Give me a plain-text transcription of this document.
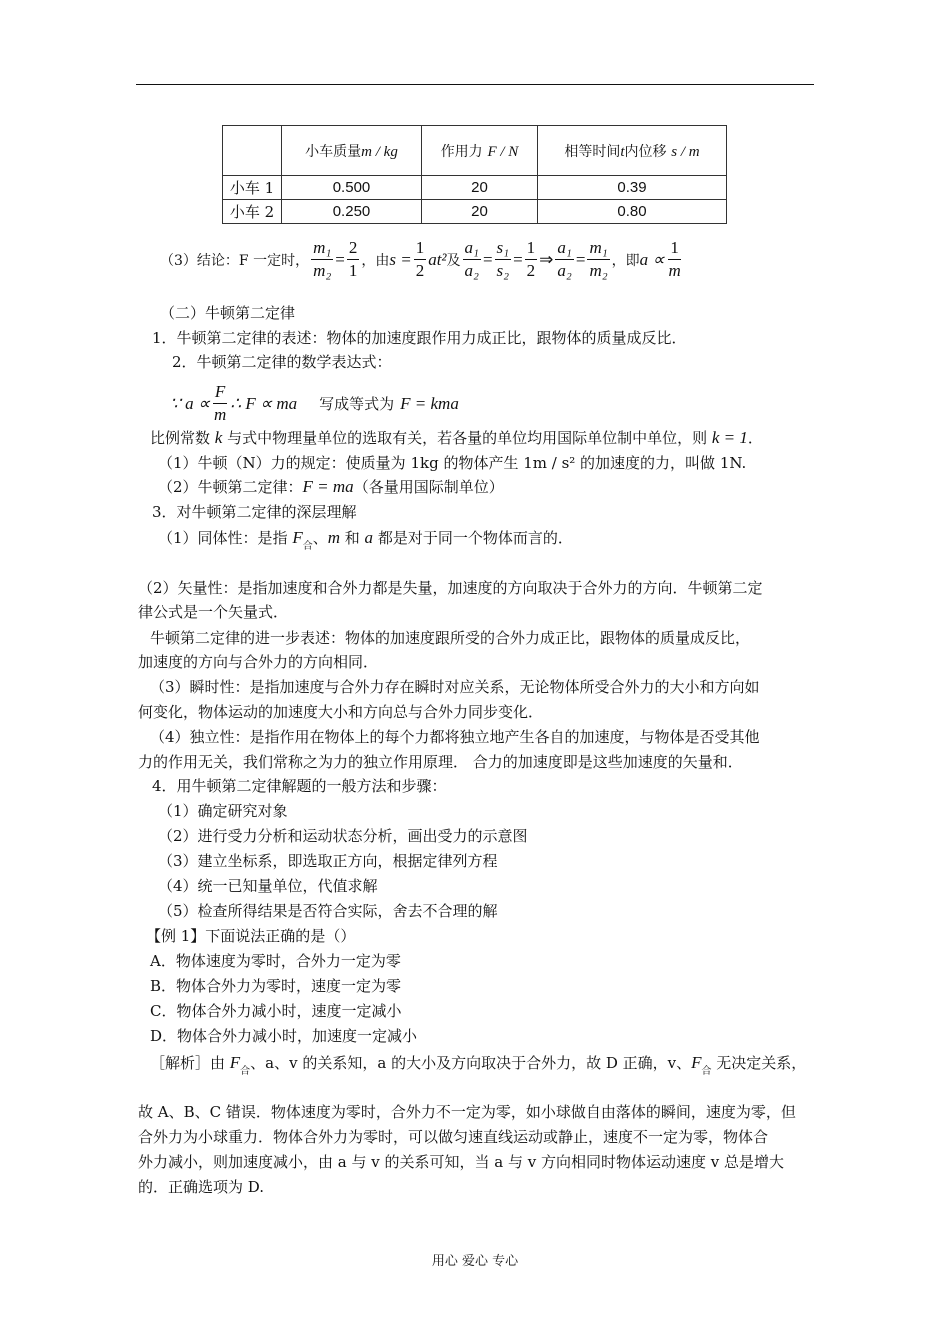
	小车质量m / kg	作用力 F / N	相等时间t内位移 s / m
小车 1	0.500	20	0.39
小车 2	0.250	20	0.80
（3）结论：F 一定时， $\frac{\text{m₁}}{\text{m₂}} = \frac{2}{1}$ ，由 $s = \frac{1}{2} at^2$ 及 $\frac{\text{a₁}}{\text{a₂}} = \frac{\text{s₁}}{\text{s₂}} = \frac{1}{2}$ ⇒ $\frac{\text{a₁}}{\text{a₂}} = \frac{\text{m₁}}{\text{m₂}}$ ，即 $a \propto \frac{1}{m}$
（二）牛顿第二定律
1．牛顿第二定律的表述：物体的加速度跟作用力成正比，跟物体的质量成反比．
2．牛顿第二定律的数学表达式：
∵ $a \propto \frac{F}{m}$ ∴ F ∝ ma 写成等式为 F = kma
比例常数 k 与式中物理量单位的选取有关，若各量的单位均用国际单位制中单位，则 k = 1．
（1）牛顿（N）力的规定：使质量为 1kg 的物体产生 1m / s² 的加速度的力，叫做 1N.
（2）牛顿第二定律：F = ma（各量用国际制单位）
3．对牛顿第二定律的深层理解
（1）同体性：是指 $F_合$、m 和 a 都是对于同一个物体而言的．
（2）矢量性：是指加速度和合外力都是失量，加速度的方向取决于合外力的方向．牛顿第二定
律公式是一个矢量式．
牛顿第二定律的进一步表述：物体的加速度跟所受的合外力成正比，跟物体的质量成反比，
加速度的方向与合外力的方向相同．
（3）瞬时性：是指加速度与合外力存在瞬时对应关系，无论物体所受合外力的大小和方向如
何变化，物体运动的加速度大小和方向总与合外力同步变化．
（4）独立性：是指作用在物体上的每个力都将独立地产生各自的加速度，与物体是否受其他
力的作用无关，我们常称之为力的独立作用原理． 合力的加速度即是这些加速度的矢量和．
4．用牛顿第二定律解题的一般方法和步骤：
（1）确定研究对象
（2）进行受力分析和运动状态分析，画出受力的示意图
（3）建立坐标系，即选取正方向，根据定律列方程
（4）统一已知量单位，代值求解
（5）检查所得结果是否符合实际，舍去不合理的解
【例 1】下面说法正确的是（）
A．物体速度为零时，合外力一定为零
B．物体合外力为零时，速度一定为零
C．物体合外力减小时，速度一定减小
D．物体合外力减小时，加速度一定减小
［解析］由 $F_合$、a、v 的关系知，a 的大小及方向取决于合外力，故 D 正确，v、$F_合$ 无决定关系，
故 A、B、C 错误．物体速度为零时，合外力不一定为零，如小球做自由落体的瞬间，速度为零，但
合外力为小球重力．物体合外力为零时，可以做匀速直线运动或静止，速度不一定为零，物体合
外力减小，则加速度减小，由 a 与 v 的关系可知，当 a 与 v 方向相同时物体运动速度 v 总是增大
的．正确选项为 D.
用心 爱心 专心
